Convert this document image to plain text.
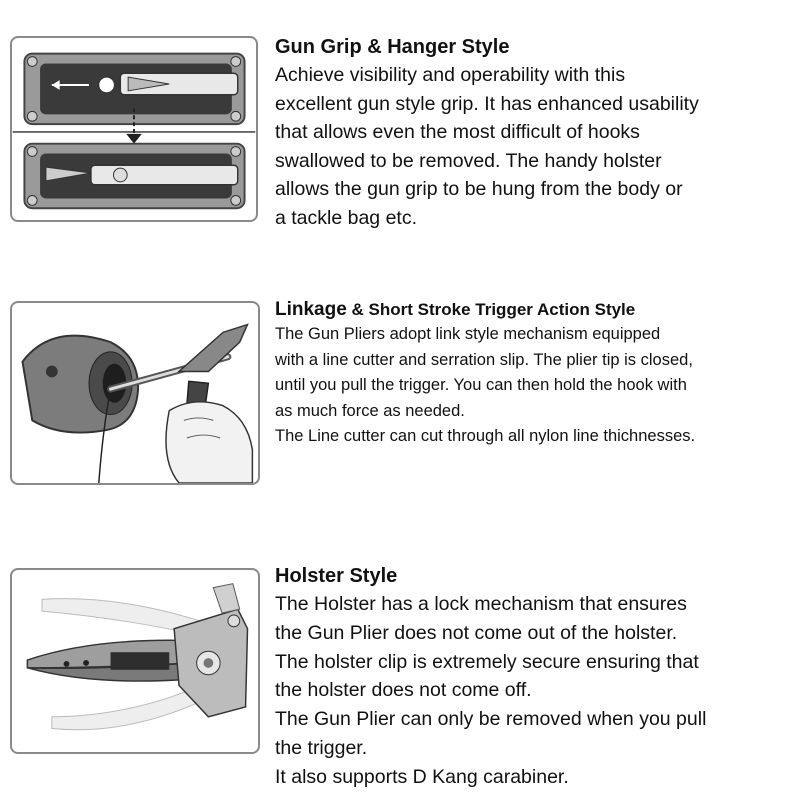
Gun Grip & Hanger Style

Achieve visibility and operability with this

excellent gun style grip. It has enhanced usability

that allows even the most difficult of hooks

swallowed to be removed. The handy holster

allows the gun grip to be hung from the body or

a tackle bag etc.

Linkage & Short Stroke Trigger Action Style

The Gun Pliers adopt link style mechanism equipped

with a line cutter and serration slip. The plier tip is closed,

until you pull the trigger. You can then hold the hook with

as much force as needed.

The Line cutter can cut through all nylon line thichnesses.

Holster Style

The Holster has a lock mechanism that ensures

the Gun Plier does not come out of the holster.

The holster clip is extremely secure ensuring that

the holster does not come off.

The Gun Plier can only be removed when you pull

the trigger.

It also supports D Kang carabiner.
